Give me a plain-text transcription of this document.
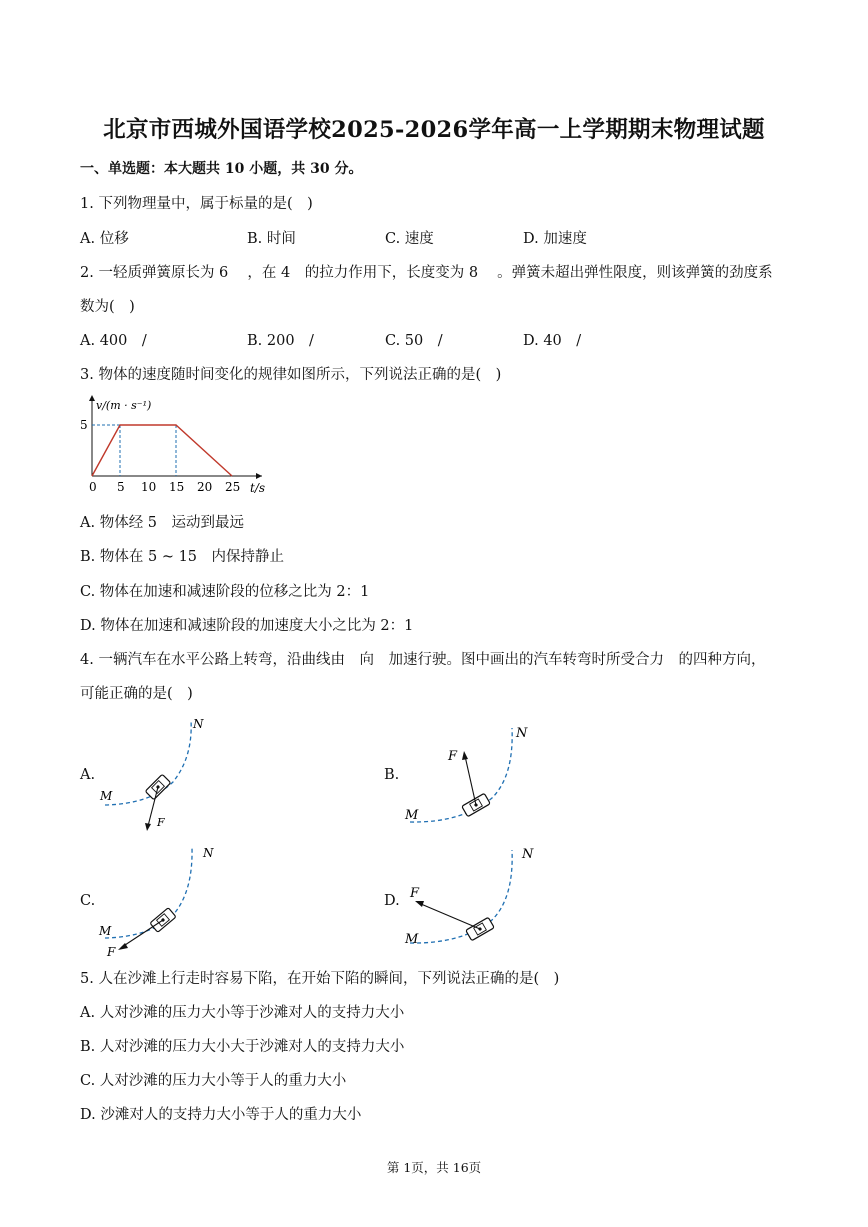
北京市西城外国语学校2025-2026学年高一上学期期末物理试题
一、单选题：本大题共 10 小题，共 30 分。
1. 下列物理量中，属于标量的是(　)
A. 位移	B. 时间	C. 速度	D. 加速度
2. 一轻质弹簧原长为 6　 ，在 4　的拉力作用下，长度变为 8　 。弹簧未超出弹性限度，则该弹簧的劲度系
数为(　)
A. 400　/　	B. 200　/　	C. 50　/　	D. 40　/　
3. 物体的速度随时间变化的规律如图所示，下列说法正确的是(　)
0 5 10 15 20 25
v/(m · s⁻¹)
t/s
5
A. 物体经 5　运动到最远
B. 物体在 5 ~ 15　内保持静止
C. 物体在加速和减速阶段的位移之比为 2：1
D. 物体在加速和减速阶段的加速度大小之比为 2：1
4. 一辆汽车在水平公路上转弯，沿曲线由　向　加速行驶。图中画出的汽车转弯时所受合力　的四种方向，
可能正确的是(　)
A.
N
M
F
B.
N
M
F
C.
N
M
F
D.
N
M
F
5. 人在沙滩上行走时容易下陷，在开始下陷的瞬间，下列说法正确的是(　)
A. 人对沙滩的压力大小等于沙滩对人的支持力大小
B. 人对沙滩的压力大小大于沙滩对人的支持力大小
C. 人对沙滩的压力大小等于人的重力大小
D. 沙滩对人的支持力大小等于人的重力大小
第 1页，共 16页
